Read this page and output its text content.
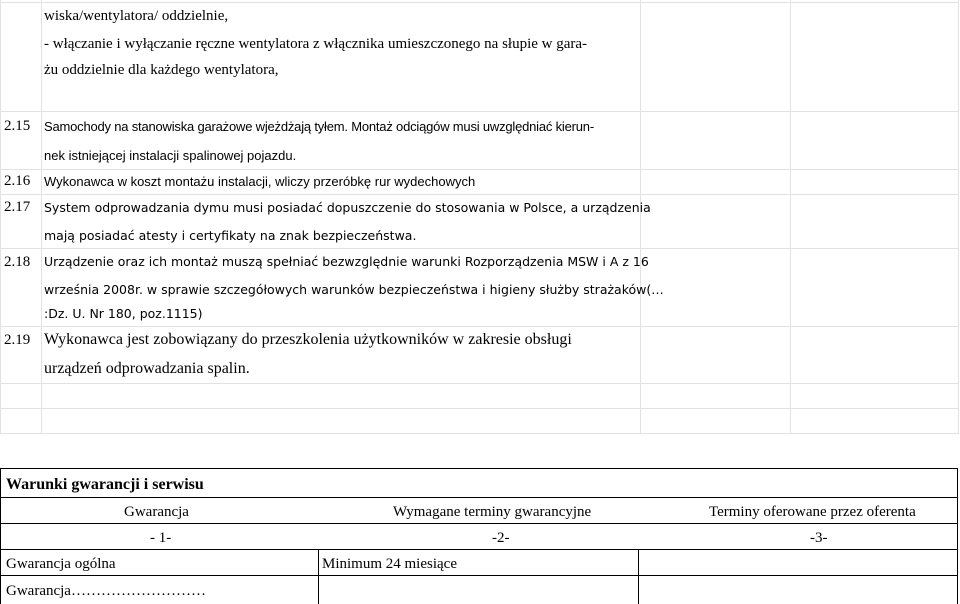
wiska/wentylatora/ oddzielnie,
- włączanie i wyłączanie ręczne wentylatora z włącznika umieszczonego na słupie w gara-
żu oddzielnie dla każdego wentylatora,
2.15 Samochody na stanowiska garażowe wjeżdżają tyłem. Montaż odciągów musi uwzględniać kierun-
nek istniejącej instalacji spalinowej pojazdu.
2.16 Wykonawca w koszt montażu instalacji, wliczy przeróbkę rur wydechowych
2.17 System odprowadzania dymu musi posiadać dopuszczenie do stosowania w Polsce, a urządzenia
mają posiadać atesty i certyfikaty na znak bezpieczeństwa.
2.18 Urządzenie oraz ich montaż muszą spełniać bezwzględnie warunki Rozporządzenia MSW i A z 16
września 2008r. w sprawie szczegółowych warunków bezpieczeństwa i higieny służby strażaków(…
:Dz. U. Nr 180, poz.1115)
2.19 Wykonawca jest zobowiązany do przeszkolenia użytkowników w zakresie obsługi
urządzeń odprowadzania spalin.
Warunki gwarancji i serwisu
Gwarancja	Wymagane terminy gwarancyjne	Terminy oferowane przez oferenta
- 1-	-2-	-3-
Gwarancja ogólna	Minimum 24 miesiące
Gwarancja………………………
